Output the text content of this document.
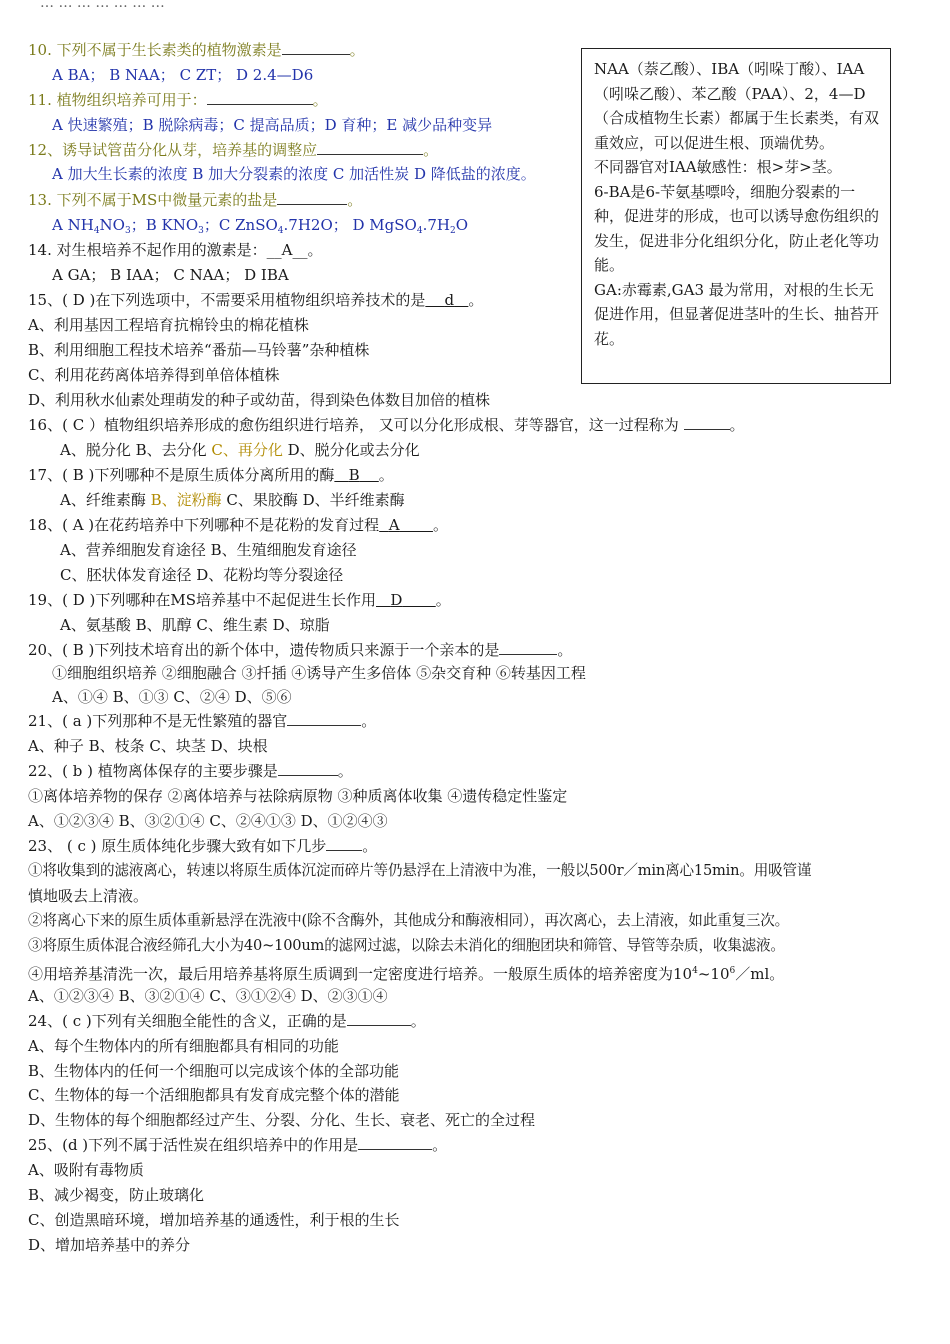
… … … … … … …
10. 下列不属于生长素类的植物激素是	。
A BA； B NAA； C ZT； D 2.4—D6
11. 植物组织培养可用于：	。
A 快速繁殖；B 脱除病毒；C 提高品质；D 育种；E 减少品种变异
12、诱导试管苗分化从芽，培养基的调整应	。
A 加大生长素的浓度 B 加大分裂素的浓度 C 加活性炭 D 降低盐的浓度。
13. 下列不属于MS中微量元素的盐是	。
A $NH_4NO_3$；B $KNO_3$；C ZnSO$_4$.7H2O； D $MgSO_4.7H_2O$
14. 对生根培养不起作用的激素是：__A__。
A GA； B IAA； C NAA； D IBA
15、( D )在下列选项中，不需要采用植物组织培养技术的是 d 。
A、利用基因工程培育抗棉铃虫的棉花植株
B、利用细胞工程技术培养“番茄—马铃薯”杂种植株
C、利用花药离体培养得到单倍体植株
D、利用秋水仙素处理萌发的种子或幼苗，得到染色体数目加倍的植株
16、( C ）植物组织培养形成的愈伤组织进行培养， 又可以分化形成根、芽等器官，这一过程称为	。
A、脱分化 B、去分化 C、再分化 D、脱分化或去分化
17、( B )下列哪种不是原生质体分离所用的酶 B 。
A、纤维素酶 B、淀粉酶 C、果胶酶 D、半纤维素酶
18、( A )在花药培养中下列哪种不是花粉的发育过程 A 。
A、营养细胞发育途径 B、生殖细胞发育途径
C、胚状体发育途径 D、花粉均等分裂途径
19、( D )下列哪种在MS培养基中不起促进生长作用 D 。
A、氨基酸 B、肌醇 C、维生素 D、琼脂
20、( B )下列技术培育出的新个体中，遗传物质只来源于一个亲本的是	。
①细胞组织培养 ②细胞融合 ③扦插 ④诱导产生多倍体 ⑤杂交育种 ⑥转基因工程
A、①④ B、①③ C、②④ D、⑤⑥
21、( a )下列那种不是无性繁殖的器官	。
A、种子 B、枝条 C、块茎 D、块根
22、( b ) 植物离体保存的主要步骤是	。
①离体培养物的保存 ②离体培养与祛除病原物 ③种质离体收集 ④遗传稳定性鉴定
A、①②③④ B、③②①④ C、②④①③ D、①②④③
23、 ( c ) 原生质体纯化步骤大致有如下几步 。
①将收集到的滤液离心，转速以将原生质体沉淀而碎片等仍悬浮在上清液中为准，一般以500r／min离心15min。用吸管谨
慎地吸去上清液。
②将离心下来的原生质体重新悬浮在洗液中(除不含酶外，其他成分和酶液相同），再次离心，去上清液，如此重复三次。
③将原生质体混合液经筛孔大小为40~100um的滤网过滤，以除去未消化的细胞团块和筛管、导管等杂质，收集滤液。
④用培养基清洗一次，最后用培养基将原生质调到一定密度进行培养。一般原生质体的培养密度为$10^4\sim 10^6/ml$。
A、①②③④ B、③②①④ C、③①②④ D、②③①④
24、( c )下列有关细胞全能性的含义，正确的是	。
A、每个生物体内的所有细胞都具有相同的功能
B、生物体内的任何一个细胞可以完成该个体的全部功能
C、生物体的每一个活细胞都具有发育成完整个体的潜能
D、生物体的每个细胞都经过产生、分裂、分化、生长、衰老、死亡的全过程
25、(d )下列不属于活性炭在组织培养中的作用是	。
A、吸附有毒物质
B、减少褐变，防止玻璃化
C、创造黑暗环境，增加培养基的通透性，利于根的生长
D、增加培养基中的养分
NAA（萘乙酸）、IBA（吲哚丁酸）、IAA（吲哚乙酸）、苯乙酸（PAA）、2，4—D（合成植物生长素）都属于生长素类，有双重效应，可以促进生根、顶端优势。
不同器官对IAA敏感性：根>芽>茎。
6-BA是6-苄氨基嘌呤，细胞分裂素的一种，促进芽的形成，也可以诱导愈伤组织的发生，促进非分化组织分化，防止老化等功能。
GA:赤霉素,GA3 最为常用，对根的生长无促进作用，但显著促进茎叶的生长、抽苔开花。
